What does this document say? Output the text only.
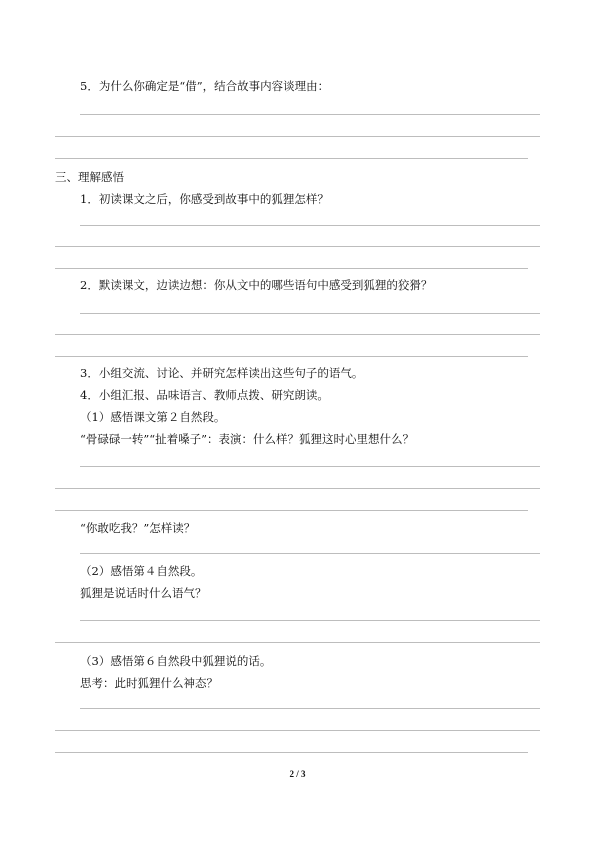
5．为什么你确定是“借”，结合故事内容谈理由：
三、理解感悟
1．初读课文之后，你感受到故事中的狐狸怎样？
2．默读课文，边读边想：你从文中的哪些语句中感受到狐狸的狡猾？
3．小组交流、讨论、并研究怎样读出这些句子的语气。
4．小组汇报、品味语言、教师点拨、研究朗读。
（1）感悟课文第２自然段。
“骨碌碌一转”“扯着嗓子”：表演：什么样？狐狸这时心里想什么？
“你敢吃我？”怎样读？
（2）感悟第４自然段。
狐狸是说话时什么语气？
（3）感悟第６自然段中狐狸说的话。
思考：此时狐狸什么神态？
2 / 3
